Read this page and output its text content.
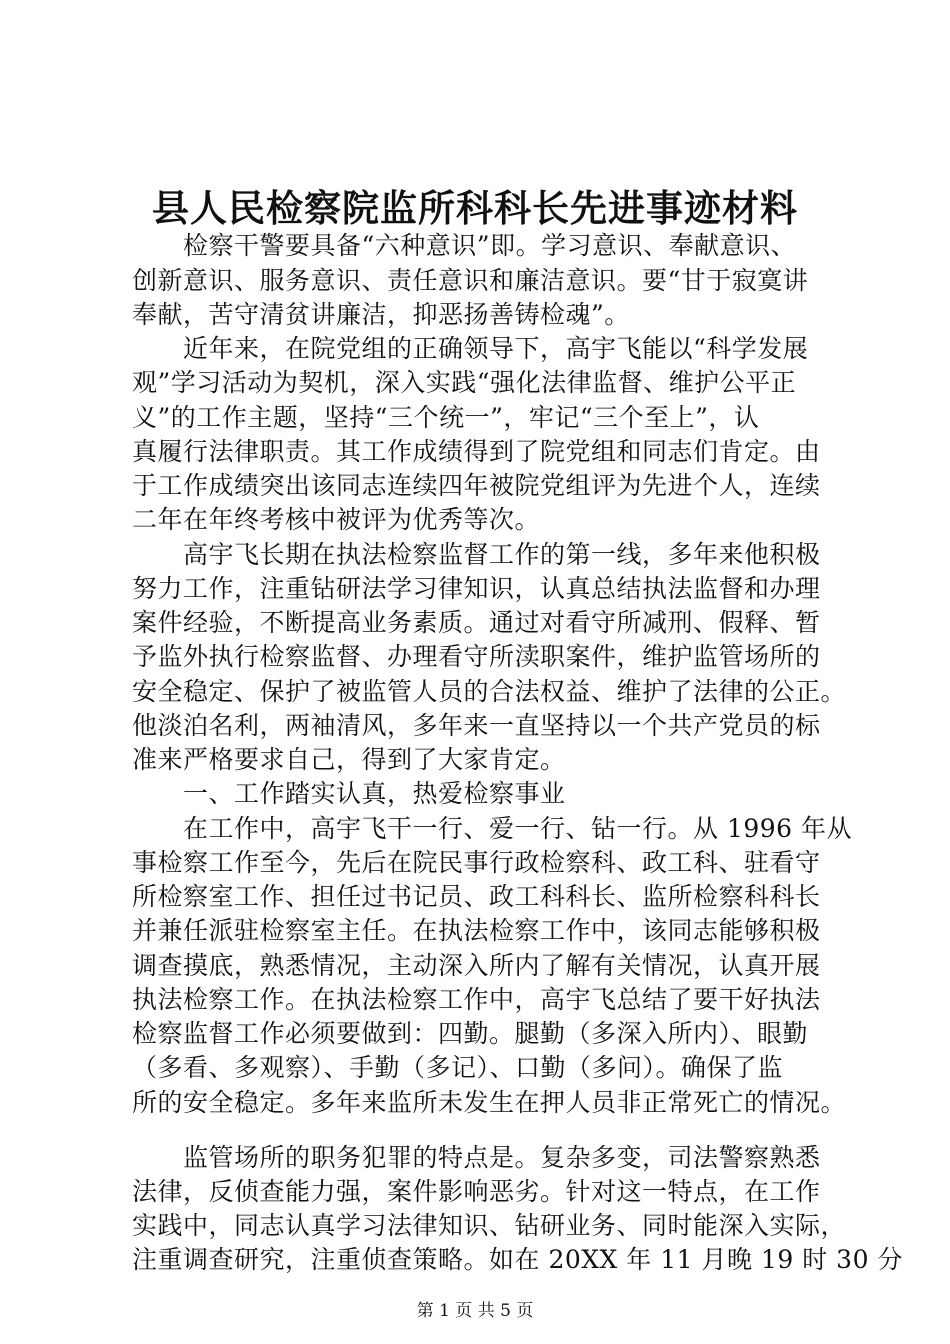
县人民检察院监所科科长先进事迹材料
　　检察干警要具备“六种意识”即。学习意识、奉献意识、
创新意识、服务意识、责任意识和廉洁意识。要“甘于寂寞讲
奉献，苦守清贫讲廉洁，抑恶扬善铸检魂”。
　　近年来，在院党组的正确领导下，高宇飞能以“科学发展
观”学习活动为契机，深入实践“强化法律监督、维护公平正
义”的工作主题，坚持“三个统一”，牢记“三个至上”，认
真履行法律职责。其工作成绩得到了院党组和同志们肯定。由
于工作成绩突出该同志连续四年被院党组评为先进个人，连续
二年在年终考核中被评为优秀等次。
　　高宇飞长期在执法检察监督工作的第一线，多年来他积极
努力工作，注重钻研法学习律知识，认真总结执法监督和办理
案件经验，不断提高业务素质。通过对看守所减刑、假释、暂
予监外执行检察监督、办理看守所渎职案件，维护监管场所的
安全稳定、保护了被监管人员的合法权益、维护了法律的公正。
他淡泊名利，两袖清风，多年来一直坚持以一个共产党员的标
准来严格要求自己，得到了大家肯定。
　　一、工作踏实认真，热爱检察事业
　　在工作中，高宇飞干一行、爱一行、钻一行。从 1996 年从
事检察工作至今，先后在院民事行政检察科、政工科、驻看守
所检察室工作、担任过书记员、政工科科长、监所检察科科长
并兼任派驻检察室主任。在执法检察工作中，该同志能够积极
调查摸底，熟悉情况，主动深入所内了解有关情况，认真开展
执法检察工作。在执法检察工作中，高宇飞总结了要干好执法
检察监督工作必须要做到：四勤。腿勤（多深入所内）、眼勤
（多看、多观察）、手勤（多记）、口勤（多问）。确保了监
所的安全稳定。多年来监所未发生在押人员非正常死亡的情况。
　　监管场所的职务犯罪的特点是。复杂多变，司法警察熟悉
法律，反侦查能力强，案件影响恶劣。针对这一特点，在工作
实践中，同志认真学习法律知识、钻研业务、同时能深入实际，
注重调查研究，注重侦查策略。如在 20XX 年 11 月晚 19 时 30 分
第 1 页 共 5 页
